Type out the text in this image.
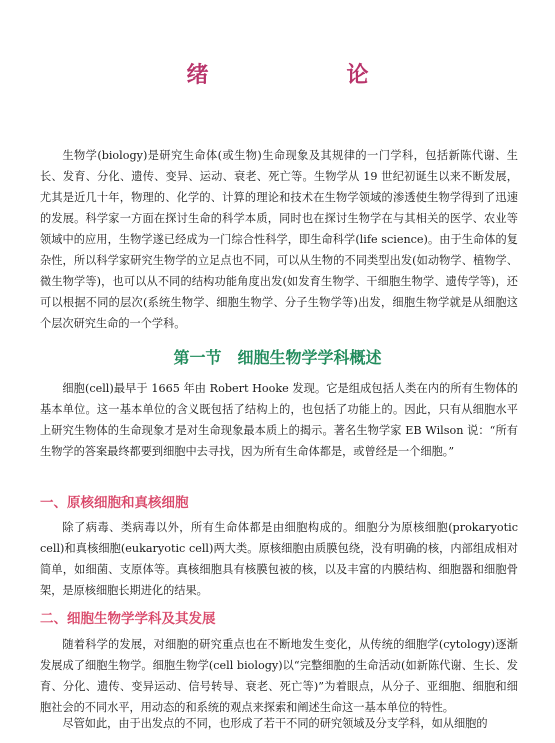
绪　论

生物学(biology)是研究生命体(或生物)生命现象及其规律的一门学科，包括新陈代谢、生长、发育、分化、遗传、变异、运动、衰老、死亡等。生物学从 19 世纪初诞生以来不断发展，尤其是近几十年，物理的、化学的、计算的理论和技术在生物学领域的渗透使生物学得到了迅速的发展。科学家一方面在探讨生命的科学本质，同时也在探讨生物学在与其相关的医学、农业等领域中的应用，生物学遂已经成为一门综合性科学，即生命科学(life science)。由于生命体的复杂性，所以科学家研究生物学的立足点也不同，可以从生物的不同类型出发(如动物学、植物学、微生物学等)，也可以从不同的结构功能角度出发(如发育生物学、干细胞生物学、遗传学等)，还可以根据不同的层次(系统生物学、细胞生物学、分子生物学等)出发，细胞生物学就是从细胞这个层次研究生命的一个学科。

第一节　细胞生物学学科概述

细胞(cell)最早于 1665 年由 Robert Hooke 发现。它是组成包括人类在内的所有生物体的基本单位。这一基本单位的含义既包括了结构上的，也包括了功能上的。因此，只有从细胞水平上研究生物体的生命现象才是对生命现象最本质上的揭示。著名生物学家 EB Wilson 说：“所有生物学的答案最终都要到细胞中去寻找，因为所有生命体都是，或曾经是一个细胞。”

一、原核细胞和真核细胞

除了病毒、类病毒以外，所有生命体都是由细胞构成的。细胞分为原核细胞(prokaryotic cell)和真核细胞(eukaryotic cell)两大类。原核细胞由质膜包绕，没有明确的核，内部组成相对简单，如细菌、支原体等。真核细胞具有核膜包被的核，以及丰富的内膜结构、细胞器和细胞骨架，是原核细胞长期进化的结果。

二、细胞生物学学科及其发展

随着科学的发展，对细胞的研究重点也在不断地发生变化，从传统的细胞学(cytology)逐渐发展成了细胞生物学。细胞生物学(cell biology)以“完整细胞的生命活动(如新陈代谢、生长、发育、分化、遗传、变异运动、信号转导、衰老、死亡等)”为着眼点，从分子、亚细胞、细胞和细胞社会的不同水平，用动态的和系统的观点来探索和阐述生命这一基本单位的特性。

尽管如此，由于出发点的不同，也形成了若干不同的研究领域及分支学科，如从细胞的
